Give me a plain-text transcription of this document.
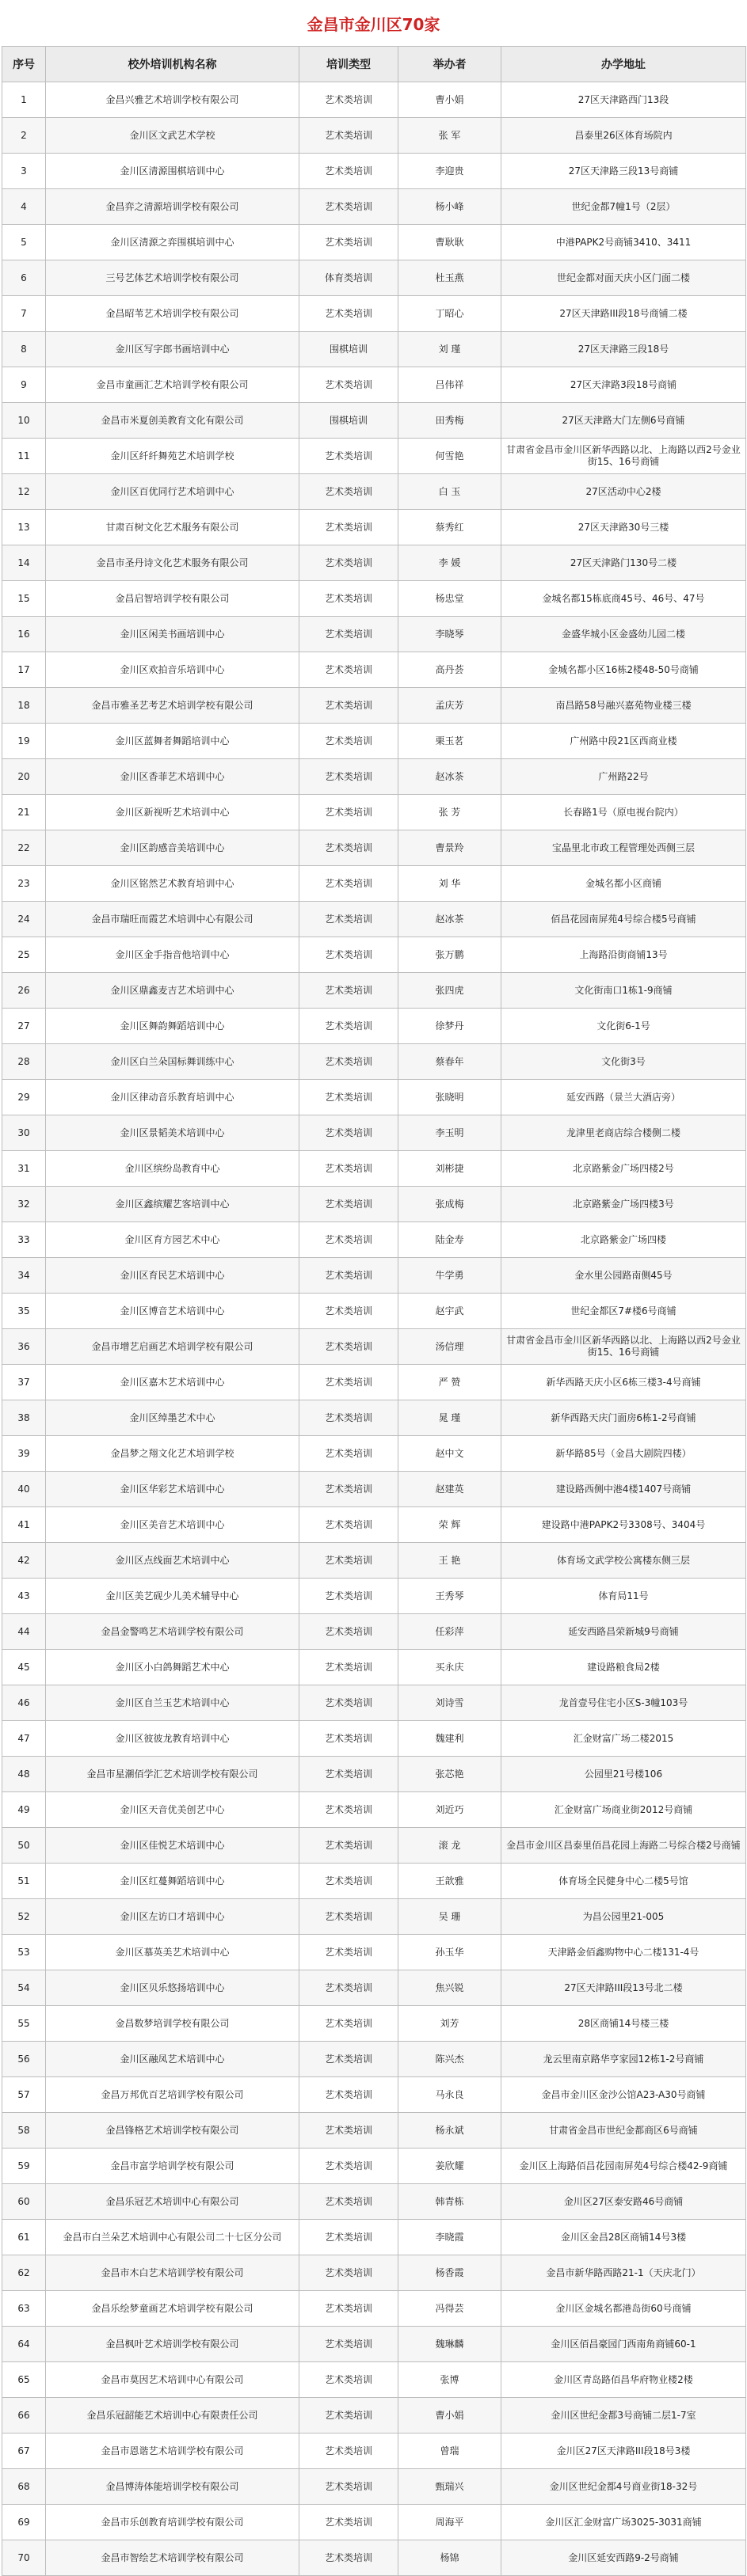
金昌市金川区70家
序号	校外培训机构名称	培训类型	举办者	办学地址
1	金昌兴雅艺术培训学校有限公司	艺术类培训	曹小娟	27区天津路西门13段
2	金川区文武艺术学校	艺术类培训	张 军	昌泰里26区体育场院内
3	金川区清源围棋培训中心	艺术类培训	李迎贵	27区天津路三段13号商铺
4	金昌弈之清源培训学校有限公司	艺术类培训	杨小峰	世纪金都7幢1号（2层）
5	金川区清源之弈围棋培训中心	艺术类培训	曹耿耿	中港PAPK2号商铺3410、3411
6	三号艺体艺术培训学校有限公司	体育类培训	杜玉燕	世纪金都对面天庆小区门面二楼
7	金昌昭苇艺术培训学校有限公司	艺术类培训	丁昭心	27区天津路III段18号商铺二楼
8	金川区写字郎书画培训中心	围棋培训	刘 瑾	27区天津路三段18号
9	金昌市童画汇艺术培训学校有限公司	艺术类培训	吕伟祥	27区天津路3段18号商铺
10	金昌市米夏创美教育文化有限公司	围棋培训	田秀梅	27区天津路大门左侧6号商铺
11	金川区纤纤舞苑艺术培训学校	艺术类培训	何雪艳	甘肃省金昌市金川区新华西路以北、上海路以西2号金业街15、16号商铺
12	金川区百优同行艺术培训中心	艺术类培训	白 玉	27区活动中心2楼
13	甘肃百树文化艺术服务有限公司	艺术类培训	蔡秀红	27区天津路30号三楼
14	金昌市圣丹诗文化艺术服务有限公司	艺术类培训	李 媛	27区天津路门130号二楼
15	金昌启智培训学校有限公司	艺术类培训	杨忠堂	金城名都15栋底商45号、46号、47号
16	金川区闲美书画培训中心	艺术类培训	李晓琴	金盛华城小区金盛幼儿园二楼
17	金川区欢拍音乐培训中心	艺术类培训	高丹荟	金城名都小区16栋2楼48-50号商铺
18	金昌市雅圣艺考艺术培训学校有限公司	艺术类培训	孟庆芳	南昌路58号融兴嘉苑物业楼三楼
19	金川区蓝舞者舞蹈培训中心	艺术类培训	栗玉茗	广州路中段21区西商业楼
20	金川区香菲艺术培训中心	艺术类培训	赵冰茶	广州路22号
21	金川区新视听艺术培训中心	艺术类培训	张 芳	长春路1号（原电视台院内）
22	金川区韵感音美培训中心	艺术类培训	曹景羚	宝晶里北市政工程管理处西侧三层
23	金川区铭然艺术教育培训中心	艺术类培训	刘 华	金城名都小区商铺
24	金昌市瑞旺而霞艺术培训中心有限公司	艺术类培训	赵冰茶	佰昌花园南屏苑4号综合楼5号商铺
25	金川区金手指音他培训中心	艺术类培训	张万鹏	上海路沿街商铺13号
26	金川区鼎鑫麦吉艺术培训中心	艺术类培训	张四虎	文化街南口1栋1-9商铺
27	金川区舞韵舞蹈培训中心	艺术类培训	徐梦丹	文化街6-1号
28	金川区白兰朵国标舞训练中心	艺术类培训	蔡春年	文化街3号
29	金川区律动音乐教育培训中心	艺术类培训	张晓明	延安西路（景兰大酒店旁）
30	金川区景韬美术培训中心	艺术类培训	李玉明	龙津里老商店综合楼侧二楼
31	金川区缤纷岛教育中心	艺术类培训	刘彬捷	北京路紫金广场四楼2号
32	金川区鑫缤耀艺客培训中心	艺术类培训	张成梅	北京路紫金广场四楼3号
33	金川区育方园艺术中心	艺术类培训	陆金寿	北京路紫金广场四楼
34	金川区育民艺术培训中心	艺术类培训	牛学勇	金水里公园路南侧45号
35	金川区博音艺术培训中心	艺术类培训	赵宇武	世纪金都区7#楼6号商铺
36	金昌市增艺启画艺术培训学校有限公司	艺术类培训	汤信理	甘肃省金昌市金川区新华西路以北、上海路以西2号金业街15、16号商铺
37	金川区嘉木艺术培训中心	艺术类培训	严 赞	新华西路天庆小区6栋三楼3-4号商铺
38	金川区绰墨艺术中心	艺术类培训	晁 瑾	新华西路天庆门面房6栋1-2号商铺
39	金昌梦之翔文化艺术培训学校	艺术类培训	赵中文	新华路85号（金昌大剧院四楼）
40	金川区华彩艺术培训中心	艺术类培训	赵建英	建设路西侧中港4楼1407号商铺
41	金川区美音艺术培训中心	艺术类培训	荣 辉	建设路中港PAPK2号3308号、3404号
42	金川区点线面艺术培训中心	艺术类培训	王 艳	体育场文武学校公寓楼东侧三层
43	金川区美艺砚少儿美术辅导中心	艺术类培训	王秀琴	体育局11号
44	金昌金警鸣艺术培训学校有限公司	艺术类培训	任彩萍	延安西路昌荣新城9号商铺
45	金川区小白鸽舞蹈艺术中心	艺术类培训	买永庆	建设路粮食局2楼
46	金川区自兰玉艺术培训中心	艺术类培训	刘诗雪	龙首壹号住宅小区S-3幢103号
47	金川区彼彼龙教育培训中心	艺术类培训	魏建利	汇金财富广场二楼2015
48	金昌市星潮佰学汇艺术培训学校有限公司	艺术类培训	张芯艳	公园里21号楼106
49	金川区天音优美创艺中心	艺术类培训	刘近巧	汇金财富广场商业街2012号商铺
50	金川区佳悦艺术培训中心	艺术类培训	滚 龙	金昌市金川区昌泰里佰昌花园上海路二号综合楼2号商铺
51	金川区红蔓舞蹈培训中心	艺术类培训	王歆雅	体育场全民健身中心二楼5号馆
52	金川区左访口才培训中心	艺术类培训	吴 珊	为昌公园里21-005
53	金川区慕英美艺术培训中心	艺术类培训	孙玉华	天津路金佰鑫购物中心二楼131-4号
54	金川区贝乐悠扬培训中心	艺术类培训	焦兴锐	27区天津路III段13号北二楼
55	金昌数梦培训学校有限公司	艺术类培训	刘芳	28区商铺14号楼三楼
56	金川区融凤艺术培训中心	艺术类培训	陈兴杰	龙云里南京路华亨家园12栋1-2号商铺
57	金昌万邦优百艺培训学校有限公司	艺术类培训	马永良	金昌市金川区金沙公馆A23-A30号商铺
58	金昌锋格艺术培训学校有限公司	艺术类培训	杨永斌	甘肃省金昌市世纪金都商区6号商铺
59	金昌市富学培训学校有限公司	艺术类培训	姜欣耀	金川区上海路佰昌花园南屏苑4号综合楼42-9商铺
60	金昌乐冠艺术培训中心有限公司	艺术类培训	韩青栋	金川区27区泰安路46号商铺
61	金昌市白兰朵艺术培训中心有限公司二十七区分公司	艺术类培训	李晓霞	金川区金昌28区商铺14号3楼
62	金昌市木白艺术培训学校有限公司	艺术类培训	杨香霞	金昌市新华路西路21-1（天庆北门）
63	金昌乐绘梦童画艺术培训学校有限公司	艺术类培训	冯得芸	金川区金城名都港岛街60号商铺
64	金昌枫叶艺术培训学校有限公司	艺术类培训	魏琳麟	金川区佰昌豪园门西南角商铺60-1
65	金昌市莫因艺术培训中心有限公司	艺术类培训	张博	金川区青岛路佰昌华府物业楼2楼
66	金昌乐冠韶能艺术培训中心有限责任公司	艺术类培训	曹小娟	金川区世纪金都3号商铺二层1-7室
67	金昌市恩谐艺术培训学校有限公司	艺术类培训	曾瑞	金川区27区天津路III段18号3楼
68	金昌博涛体能培训学校有限公司	艺术类培训	甄瑞兴	金川区世纪金都4号商业街18-32号
69	金昌市乐创教育培训学校有限公司	艺术类培训	周海平	金川区汇金财富广场3025-3031商铺
70	金昌市智绘艺术培训学校有限公司	艺术类培训	杨锦	金川区延安西路9-2号商铺
